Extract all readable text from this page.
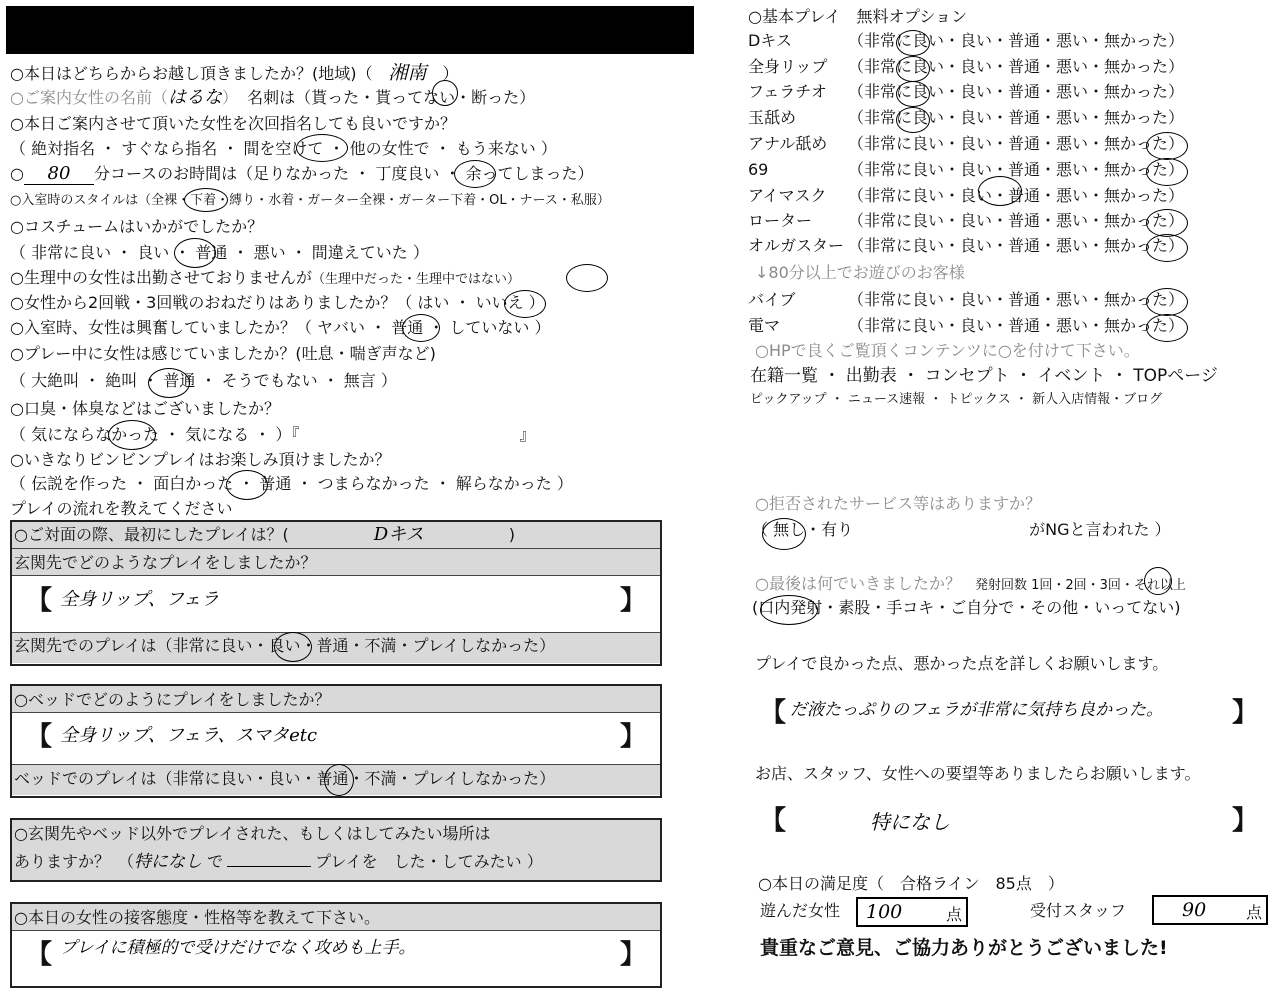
○本日はどちらからお越し頂きましたか？(地域)（ 湘南 ）
○ご案内女性の名前（はるな） 名刺は（貰った・貰ってない・断った）
○本日ご案内させて頂いた女性を次回指名しても良いですか？
（ 絶対指名 ・ すぐなら指名 ・ 間を空けて ・ 他の女性で ・ もう来ない ）
○ 80 分コースのお時間は（足りなかった ・ 丁度良い ・ 余ってしまった）
○入室時のスタイルは（全裸・下着・縛り・水着・ガーター全裸・ガーター下着・OL・ナース・私服）
○コスチュームはいかがでしたか？
（ 非常に良い ・ 良い ・ 普通 ・ 悪い ・ 間違えていた ）
○生理中の女性は出勤させておりませんが（生理中だった・生理中ではない）
○女性から2回戦・3回戦のおねだりはありましたか？（ はい ・ いいえ ）
○入室時、女性は興奮していましたか？（ ヤバい ・ 普通 ・ していない ）
○プレー中に女性は感じていましたか？(吐息・喘ぎ声など)
（ 大絶叫 ・ 絶叫 ・ 普通 ・ そうでもない ・ 無言 ）
○口臭・体臭などはございましたか？
（ 気にならなかった ・ 気になる ・ ）『	』
○いきなりビンビンプレイはお楽しみ頂けましたか？
（ 伝説を作った ・ 面白かった ・ 普通 ・ つまらなかった ・ 解らなかった ）
プレイの流れを教えてください
○ご対面の際、最初にしたプレイは？(	Dキス	)
玄関先でどのようなプレイをしましたか？
【 全身リップ、フェラ	】
玄関先でのプレイは（非常に良い・良い・普通・不満・プレイしなかった）
○ベッドでどのようにプレイをしましたか？
【 全身リップ、フェラ、スマタetc	】
ベッドでのプレイは（非常に良い・良い・普通・不満・プレイしなかった）
○玄関先やベッド以外でプレイされた、もしくはしてみたい場所は
ありますか？　（特になし で	プレイを　した・してみたい ）
○本日の女性の接客態度・性格等を教えて下さい。
【 プレイに積極的で受けだけでなく攻めも上手。	】
○基本プレイ　無料オプション
Dキス	（非常に良い・良い・普通・悪い・無かった）
全身リップ （非常に良い・良い・普通・悪い・無かった）
フェラチオ （非常に良い・良い・普通・悪い・無かった）
玉舐め	（非常に良い・良い・普通・悪い・無かった）
アナル舐め （非常に良い・良い・普通・悪い・無かった）
69	（非常に良い・良い・普通・悪い・無かった）
アイマスク （非常に良い・良い・普通・悪い・無かった）
ローター （非常に良い・良い・普通・悪い・無かった）
オルガスター （非常に良い・良い・普通・悪い・無かった）
↓80分以上でお遊びのお客様
バイブ	（非常に良い・良い・普通・悪い・無かった）
電マ	（非常に良い・良い・普通・悪い・無かった）
○HPで良くご覧頂くコンテンツに○を付けて下さい。
在籍一覧 ・ 出勤表 ・ コンセプト ・ イベント ・ TOPページ
ピックアップ ・ ニュース速報 ・ トピックス ・ 新人入店情報・ブログ
○拒否されたサービス等はありますか？
（ 無し・有り	がNGと言われた ）
○最後は何でいきましたか？ 発射回数 1回・2回・3回・それ以上
(口内発射・素股・手コキ・ご自分で・その他・いってない)
プレイで良かった点、悪かった点を詳しくお願いします。
【 だ液たっぷりのフェラが非常に気持ち良かった。	】
お店、スタッフ、女性への要望等ありましたらお願いします。
【	特になし	】
○本日の満足度（　合格ライン　85点　）
遊んだ女性 100	点	受付スタッフ	90 点
貴重なご意見、ご協力ありがとうございました!
